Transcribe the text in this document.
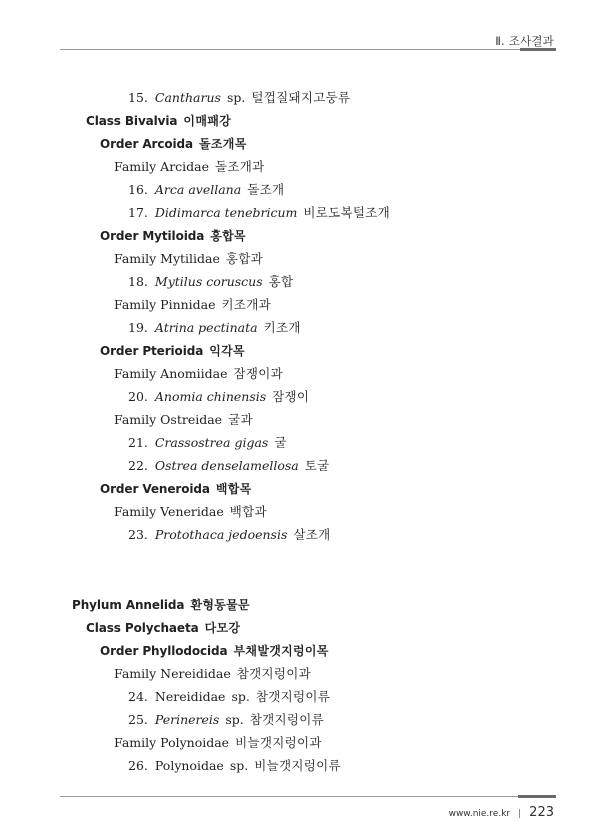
Ⅱ. 조사결과
15. Cantharus sp. 털껍질돼지고둥류
Class Bivalvia 이매패강
Order Arcoida 돌조개목
Family Arcidae 돌조개과
16. Arca avellana 돌조개
17. Didimarca tenebricum 비로도복털조개
Order Mytiloida 홍합목
Family Mytilidae 홍합과
18. Mytilus coruscus 홍합
Family Pinnidae 키조개과
19. Atrina pectinata 키조개
Order Pterioida 익각목
Family Anomiidae 잠쟁이과
20. Anomia chinensis 잠쟁이
Family Ostreidae 굴과
21. Crassostrea gigas 굴
22. Ostrea denselamellosa 토굴
Order Veneroida 백합목
Family Veneridae 백합과
23. Protothaca jedoensis 살조개
Phylum Annelida 환형동물문
Class Polychaeta 다모강
Order Phyllodocida 부채발갯지렁이목
Family Nereididae 참갯지렁이과
24. Nereididae sp. 참갯지렁이류
25. Perinereis sp. 참갯지렁이류
Family Polynoidae 비늘갯지렁이과
26. Polynoidae sp. 비늘갯지렁이류
www.nie.re.kr | 223
